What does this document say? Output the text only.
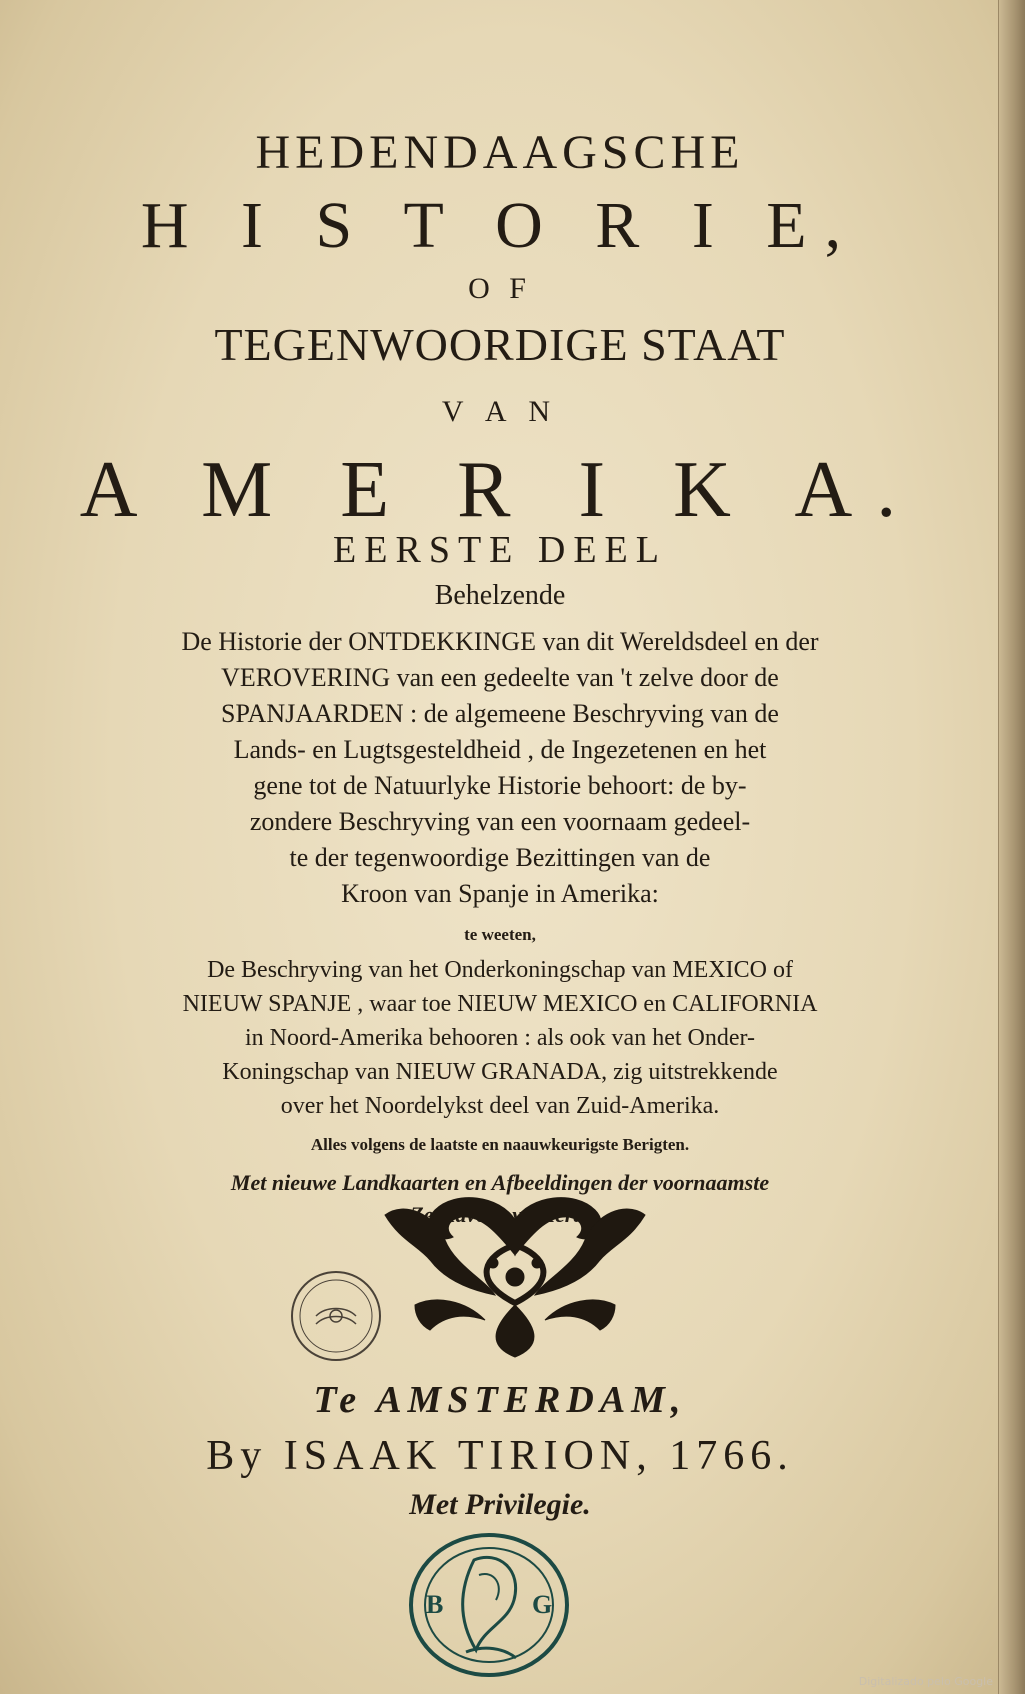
HEDENDAAGSCHE
H I S T O R I E,
O F
TEGENWOORDIGE STAAT
V A N
A M E R I K A.
EERSTE DEEL
Behelzende
De Historie der ONTDEKKINGE van dit Wereldsdeel en der
VEROVERING van een gedeelte van 't zelve door de
SPANJAARDEN : de algemeene Beschryving van de
Lands- en Lugtsgesteldheid , de Ingezetenen en het
gene tot de Natuurlyke Historie behoort: de by-
zondere Beschryving van een voornaam gedeel-
te der tegenwoordige Bezittingen van de
Kroon van Spanje in Amerika:
te weeten,
De Beschryving van het Onderkoningschap van MEXICO of
NIEUW SPANJE , waar toe NIEUW MEXICO en CALIFORNIA
in Noord-Amerika behooren : als ook van het Onder-
Koningschap van NIEUW GRANADA, zig uitstrekkende
over het Noordelykst deel van Zuid-Amerika.
Alles volgens de laatste en naauwkeurigste Berigten.
Met nieuwe Landkaarten en Afbeeldingen der voornaamste
Te AMSTERDAM,
By ISAAK TIRION, 1766.
Met Privilegie.
B	G
Digitalizado pelo Google
